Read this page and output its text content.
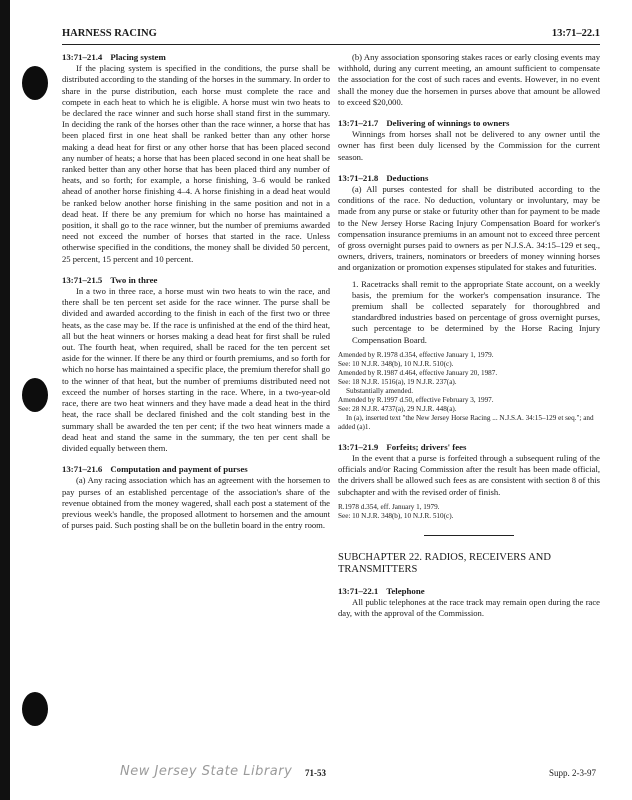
HARNESS RACING	13:71–22.1

13:71–21.4 Placing system

If the placing system is specified in the conditions, the purse shall be distributed according to the standing of the horses in the summary. In order to share in the purse distribution, each horse must complete the race and compete in each heat to which he is eligible. A horse must win two heats to be declared the race winner and such horse shall stand first in the summary. In deciding the rank of the horses other than the race winner, a horse that has been placed first in one heat shall be ranked better than any other horse making a dead heat for first or any other horse that has been placed second any number of heats; a horse that has been placed second in one heat shall be ranked better than any other horse that has been placed third any number of heats, and so forth; for example, a horse finishing, 3–6 would be ranked ahead of another horse finishing 4–4. A horse finishing in a dead heat would be ranked below another horse finishing in the same position and not in a dead heat. If there be any premium for which no horse has maintained a position, it shall go to the race winner, but the number of premiums awarded need not exceed the number of horses that started in the race. Unless otherwise specified in the conditions, the money shall be divided 50 percent, 25 percent, 15 percent and 10 percent.

13:71–21.5 Two in three

In a two in three race, a horse must win two heats to win the race, and there shall be ten percent set aside for the race winner. The purse shall be divided and awarded according to the finish in each of the first two or three heats, as the case may be. If the race is unfinished at the end of the third heat, all but the heat winners or horses making a dead heat for first shall be ruled out. The fourth heat, when required, shall be raced for the ten percent set aside for the winner. If there be any third or fourth premiums, and so forth for which no horse has maintained a specific place, the premium therefor shall go to the winner of that heat, but the number of premiums distributed need not exceed the number of horses starting in the race. Where, in a two-year-old race, there are two heat winners and they have made a dead heat in the third heat, the race shall be declared finished and the colt standing best in the summary shall be awarded the ten per cent; if the two heat winners made a dead heat and stand the same in the summary, the ten per cent shall be divided equally between them.

13:71–21.6 Computation and payment of purses

(a) Any racing association which has an agreement with the horsemen to pay purses of an established percentage of the association's share of the revenue obtained from the money wagered, shall each post a statement of the previous week's handle, the proposed allotment to horsemen and the amount of purses paid. Such posting shall be on the bulletin board in the entry room.

(b) Any association sponsoring stakes races or early closing events may withhold, during any current meeting, an amount sufficient to compensate the association for the cost of such races and events. However, in no event shall the money due the horsemen in purses above that amount be allowed to exceed $20,000.

13:71–21.7 Delivering of winnings to owners

Winnings from horses shall not be delivered to any owner until the owner has first been duly licensed by the Commission for the current season.

13:71–21.8 Deductions

(a) All purses contested for shall be distributed according to the conditions of the race. No deduction, voluntary or involuntary, may be made from any purse or stake or futurity other than for payment to be made to the New Jersey Horse Racing Injury Compensation Board for worker's compensation insurance premiums in an amount not to exceed three percent of gross overnight purses paid to owners as per N.J.S.A. 34:15–129 et seq., owners, drivers, trainers, nominators or breeders of money winning horses and organization or promotion expenses stipulated for stakes and futurities.

1. Racetracks shall remit to the appropriate State account, on a weekly basis, the premium for the worker's compensation insurance. The premium shall be collected separately for thoroughbred and standardbred industries based on percentage of gross overnight purses, such percentage to be determined by the Horse Racing Injury Compensation Board.

Amended by R.1978 d.354, effective January 1, 1979.

See: 10 N.J.R. 348(b), 10 N.J.R. 510(c).

Amended by R.1987 d.464, effective January 20, 1987.

See: 18 N.J.R. 1516(a), 19 N.J.R. 237(a).

Substantially amended.

Amended by R.1997 d.50, effective February 3, 1997.

See: 28 N.J.R. 4737(a), 29 N.J.R. 448(a).

In (a), inserted text "the New Jersey Horse Racing ... N.J.S.A. 34:15–129 et seq."; and added (a)1.

13:71–21.9 Forfeits; drivers' fees

In the event that a purse is forfeited through a subsequent ruling of the officials and/or Racing Commission after the result has been made official, the drivers shall be allowed such fees as are consistent with section 8 of this subchapter and with the revised order of finish.

R.1978 d.354, eff. January 1, 1979.

See: 10 N.J.R. 348(b), 10 N.J.R. 510(c).

SUBCHAPTER 22. RADIOS, RECEIVERS AND

TRANSMITTERS

13:71–22.1 Telephone

All public telephones at the race track may remain open during the race day, with the approval of the Commission.

New Jersey State Library 71-53	Supp. 2-3-97
